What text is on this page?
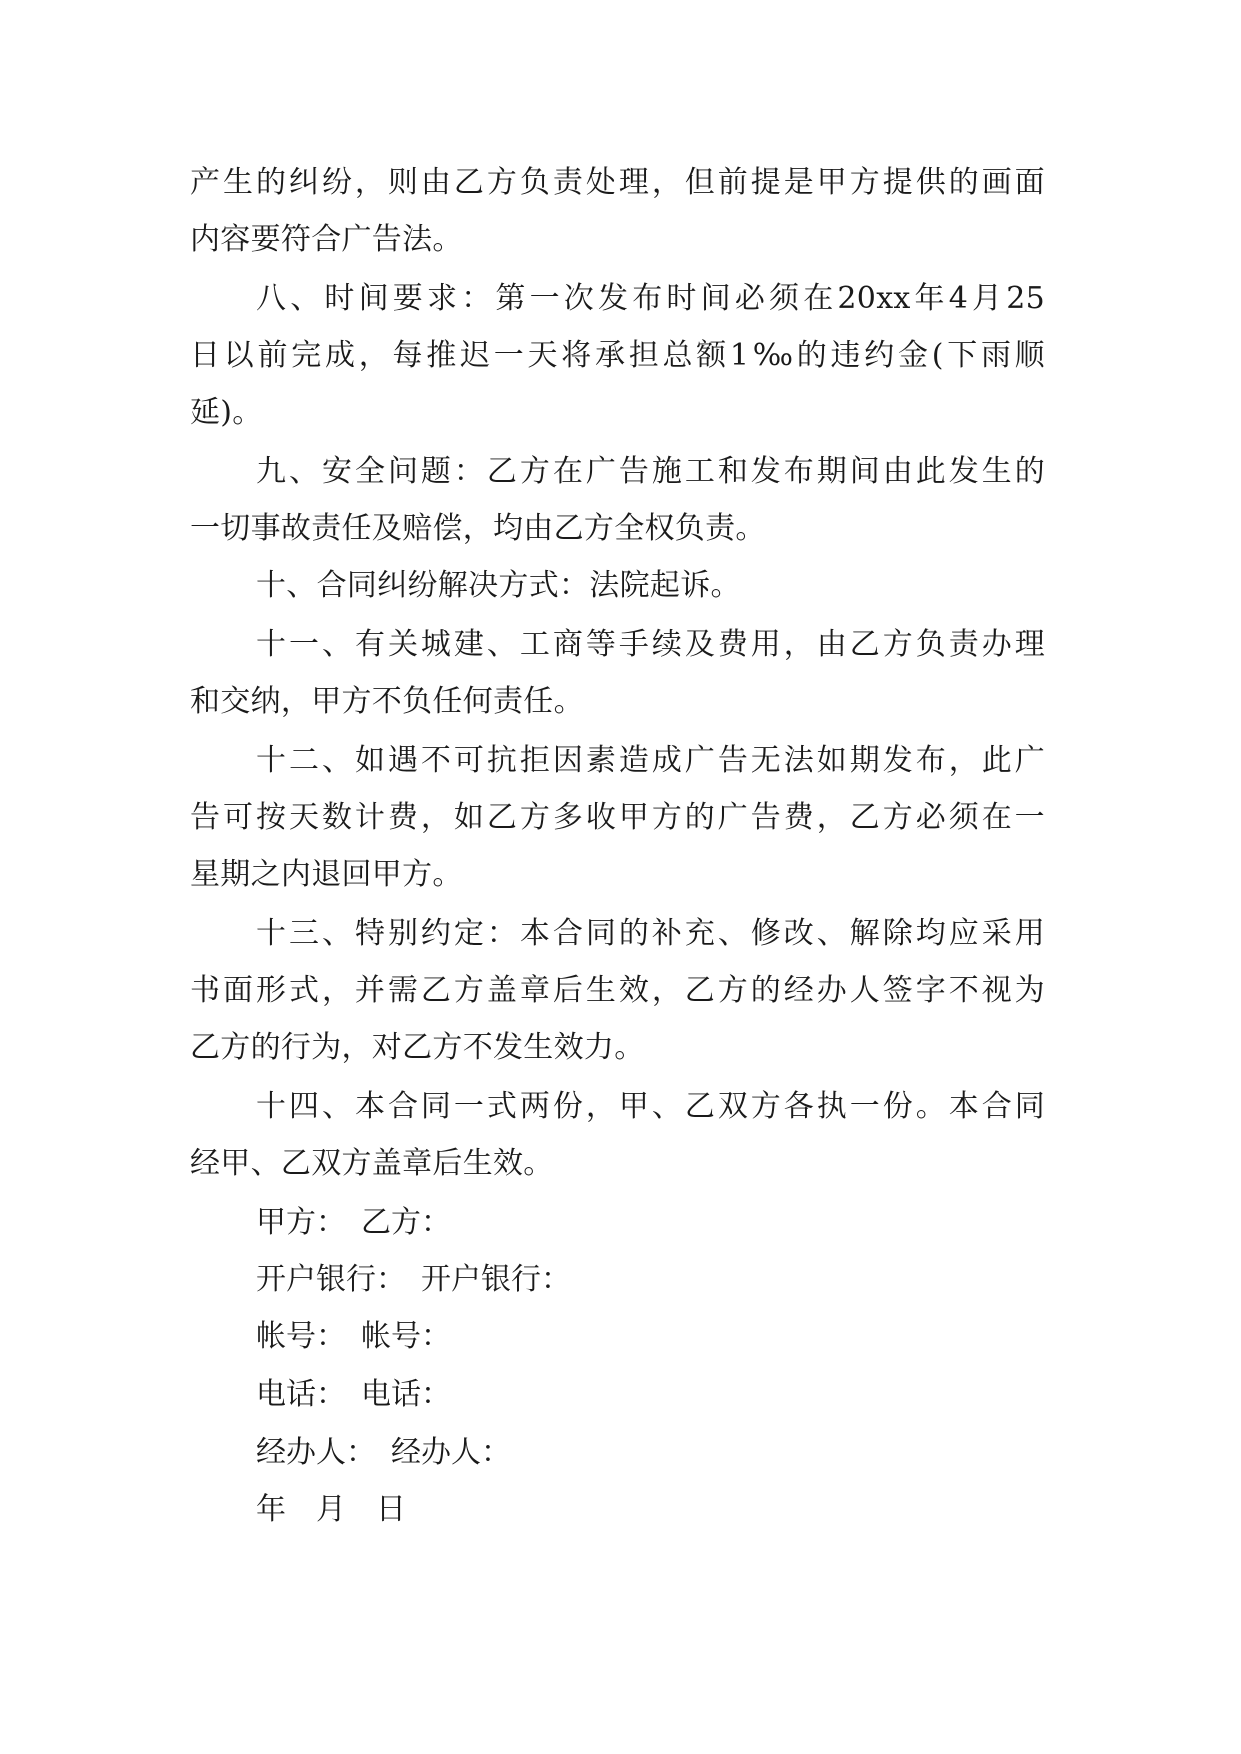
产生的纠纷，则由乙方负责处理，但前提是甲方提供的画面

内容要符合广告法。

八、时间要求：第一次发布时间必须在20xx年4月25

日以前完成，每推迟一天将承担总额1‰的违约金(下雨顺

延)。

九、安全问题：乙方在广告施工和发布期间由此发生的

一切事故责任及赔偿，均由乙方全权负责。

十、合同纠纷解决方式：法院起诉。

十一、有关城建、工商等手续及费用，由乙方负责办理

和交纳，甲方不负任何责任。

十二、如遇不可抗拒因素造成广告无法如期发布，此广

告可按天数计费，如乙方多收甲方的广告费，乙方必须在一

星期之内退回甲方。

十三、特别约定：本合同的补充、修改、解除均应采用

书面形式，并需乙方盖章后生效，乙方的经办人签字不视为

乙方的行为，对乙方不发生效力。

十四、本合同一式两份，甲、乙双方各执一份。本合同

经甲、乙双方盖章后生效。

甲方：　乙方：

开户银行：　开户银行：

帐号：　帐号：

电话：　电话：

经办人：　经办人：

年　月　日
